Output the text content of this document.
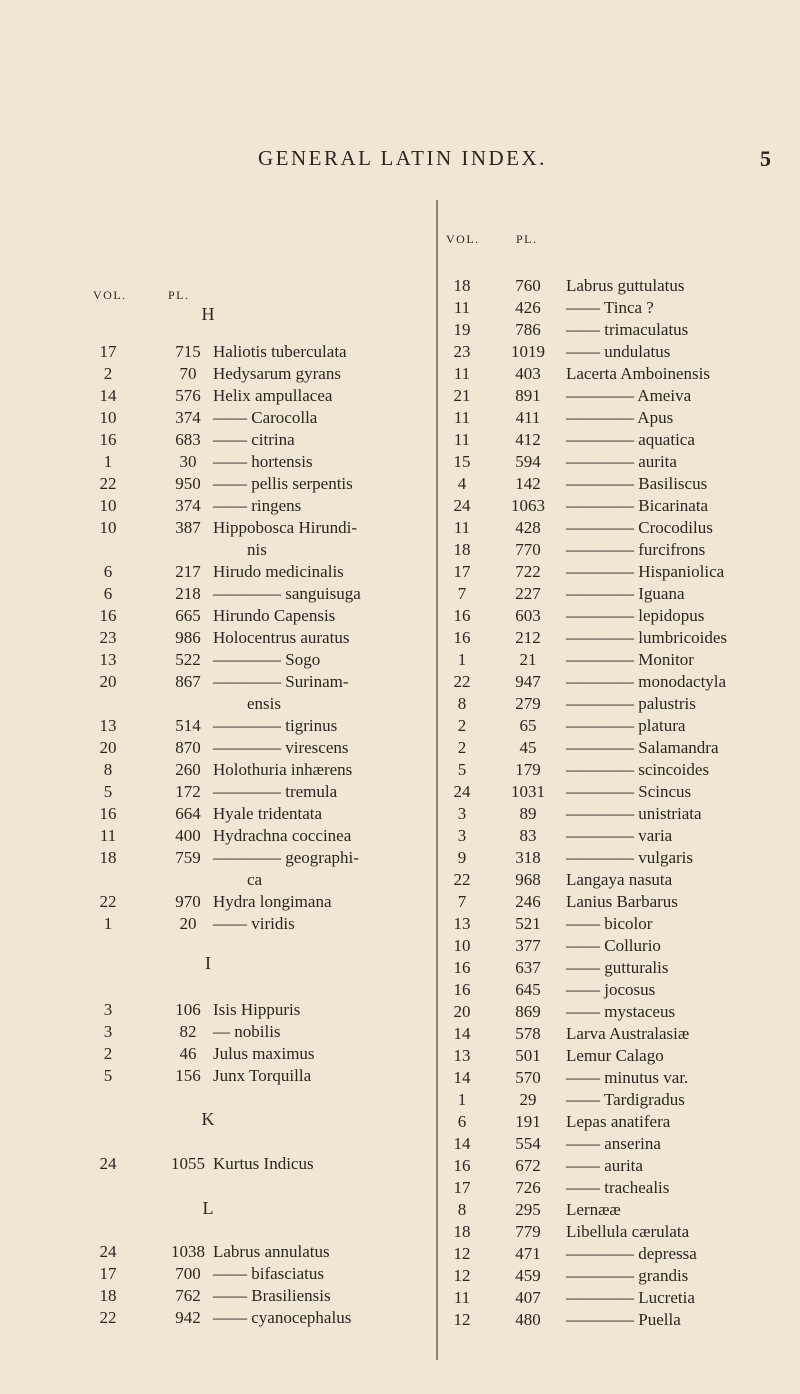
GENERAL LATIN INDEX.	5
VOL.	PL.
VOL.	PL.
H
17	715 Haliotis tuberculata
2	70 Hedysarum gyrans
14	576 Helix ampullacea
10	374 —— Carocolla
16	683 —— citrina
1	30 —— hortensis
22	950 —— pellis serpentis
10	374 —— ringens
10	387 Hippobosca Hirundi-
nis
6	217 Hirudo medicinalis
6	218 ———— sanguisuga
16	665 Hirundo Capensis
23	986 Holocentrus auratus
13	522 ———— Sogo
20	867 ———— Surinam-
ensis
13	514 ———— tigrinus
20	870 ———— virescens
8	260 Holothuria inhærens
5	172 ———— tremula
16	664 Hyale tridentata
11	400 Hydrachna coccinea
18	759 ———— geographi-
ca
22	970 Hydra longimana
1	20 —— viridis
I
3	106 Isis Hippuris
3	82 — nobilis
2	46 Julus maximus
5	156 Junx Torquilla
K
24	1055 Kurtus Indicus
L
24	1038 Labrus annulatus
17	700 —— bifasciatus
18	762 —— Brasiliensis
22	942 —— cyanocephalus
18	760	Labrus guttulatus
11	426	—— Tinca ?
19	786	—— trimaculatus
23	1019	—— undulatus
11	403	Lacerta Amboinensis
21	891	———— Ameiva
11	411	———— Apus
11	412	———— aquatica
15	594	———— aurita
4	142	———— Basiliscus
24	1063	———— Bicarinata
11	428	———— Crocodilus
18	770	———— furcifrons
17	722	———— Hispaniolica
7	227	———— Iguana
16	603	———— lepidopus
16	212	———— lumbricoides
1	21	———— Monitor
22	947	———— monodactyla
8	279	———— palustris
2	65	———— platura
2	45	———— Salamandra
5	179	———— scincoides
24	1031	———— Scincus
3	89	———— unistriata
3	83	———— varia
9	318	———— vulgaris
22	968	Langaya nasuta
7	246	Lanius Barbarus
13	521	—— bicolor
10	377	—— Collurio
16	637	—— gutturalis
16	645	—— jocosus
20	869	—— mystaceus
14	578	Larva Australasiæ
13	501	Lemur Calago
14	570	—— minutus var.
1	29	—— Tardigradus
6	191	Lepas anatifera
14	554	—— anserina
16	672	—— aurita
17	726	—— trachealis
8	295	Lernææ
18	779	Libellula cærulata
12	471	———— depressa
12	459	———— grandis
11	407	———— Lucretia
12	480	———— Puella
